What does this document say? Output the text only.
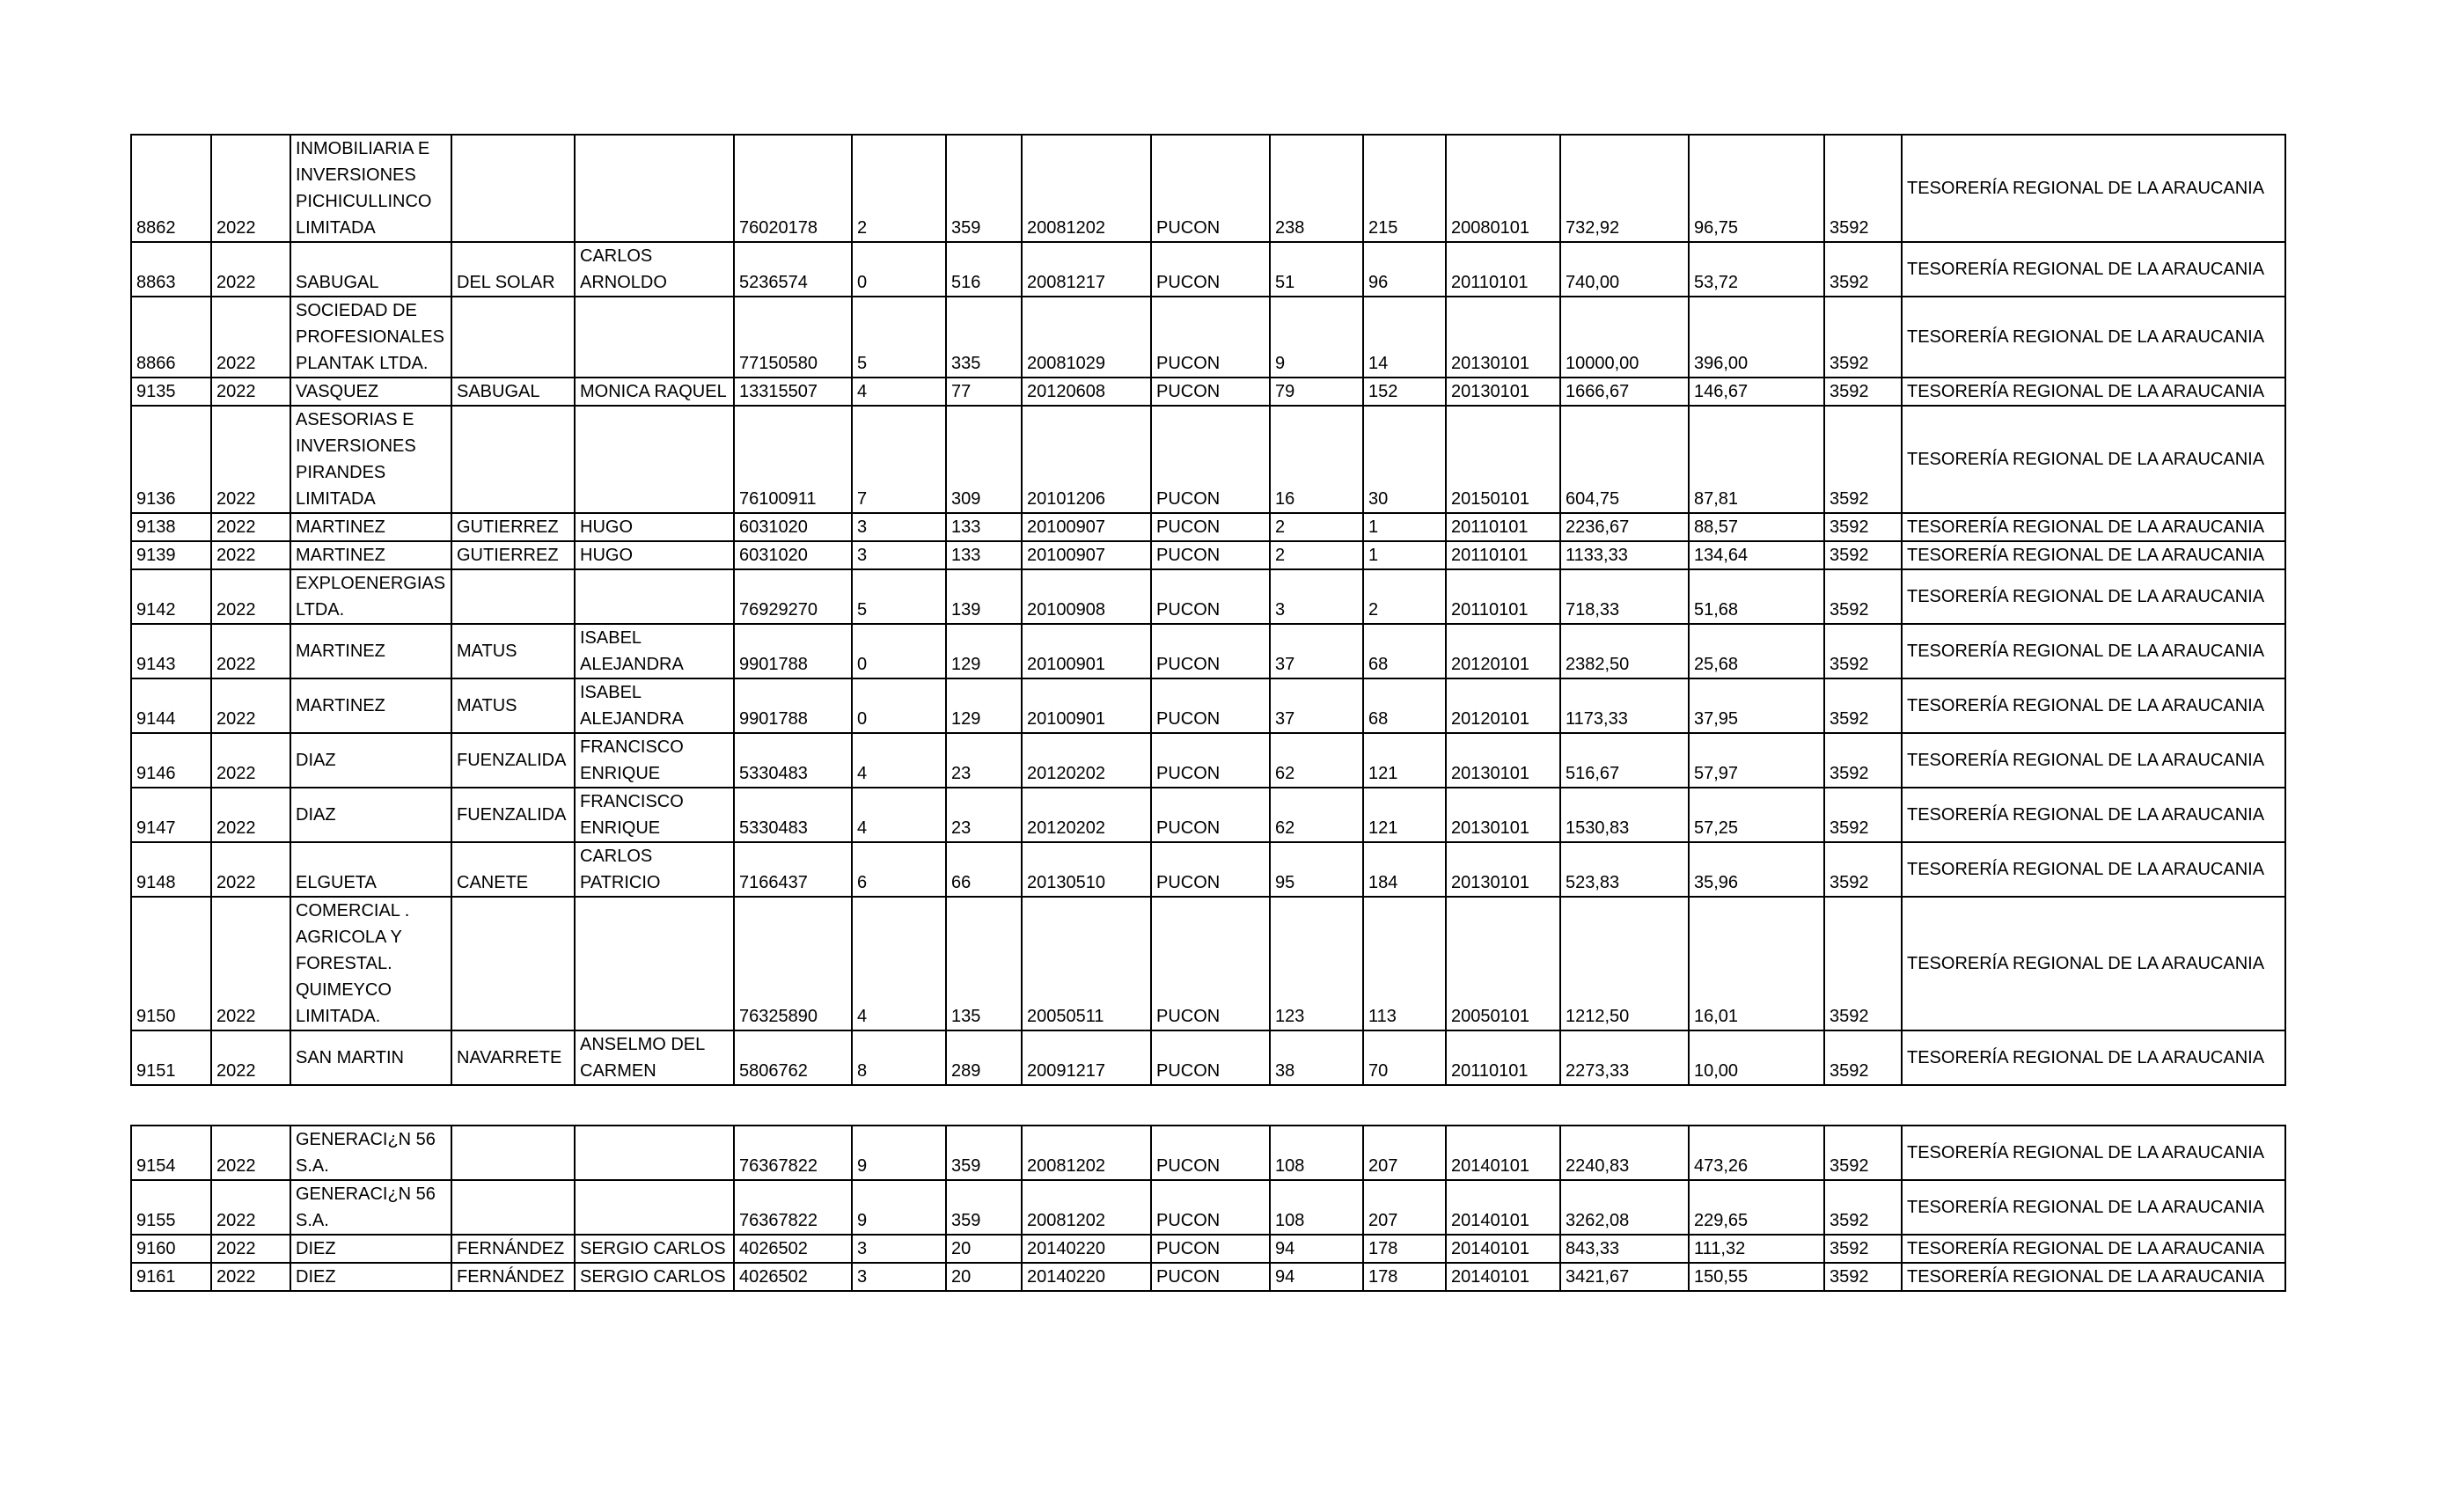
8862	2022	INMOBILIARIA E
INVERSIONES
PICHICULLINCO
LIMITADA			76020178	2	359	20081202	PUCON	238	215	20080101	732,92	96,75	3592	TESORERÍA REGIONAL DE LA ARAUCANIA
8863	2022	SABUGAL	DEL SOLAR	CARLOS ARNOLDO	5236574	0	516	20081217	PUCON	51	96	20110101	740,00	53,72	3592	TESORERÍA REGIONAL DE LA ARAUCANIA
8866	2022	SOCIEDAD DE
PROFESIONALES
PLANTAK LTDA.			77150580	5	335	20081029	PUCON	9	14	20130101	10000,00	396,00	3592	TESORERÍA REGIONAL DE LA ARAUCANIA
9135	2022	VASQUEZ	SABUGAL	MONICA RAQUEL	13315507	4	77	20120608	PUCON	79	152	20130101	1666,67	146,67	3592	TESORERÍA REGIONAL DE LA ARAUCANIA
9136	2022	ASESORIAS E
INVERSIONES
PIRANDES
LIMITADA			76100911	7	309	20101206	PUCON	16	30	20150101	604,75	87,81	3592	TESORERÍA REGIONAL DE LA ARAUCANIA
9138	2022	MARTINEZ	GUTIERREZ	HUGO	6031020	3	133	20100907	PUCON	2	1	20110101	2236,67	88,57	3592	TESORERÍA REGIONAL DE LA ARAUCANIA
9139	2022	MARTINEZ	GUTIERREZ	HUGO	6031020	3	133	20100907	PUCON	2	1	20110101	1133,33	134,64	3592	TESORERÍA REGIONAL DE LA ARAUCANIA
9142	2022	EXPLOENERGIAS
LTDA.			76929270	5	139	20100908	PUCON	3	2	20110101	718,33	51,68	3592	TESORERÍA REGIONAL DE LA ARAUCANIA
9143	2022	MARTINEZ	MATUS	ISABEL
ALEJANDRA	9901788	0	129	20100901	PUCON	37	68	20120101	2382,50	25,68	3592	TESORERÍA REGIONAL DE LA ARAUCANIA
9144	2022	MARTINEZ	MATUS	ISABEL
ALEJANDRA	9901788	0	129	20100901	PUCON	37	68	20120101	1173,33	37,95	3592	TESORERÍA REGIONAL DE LA ARAUCANIA
9146	2022	DIAZ	FUENZALIDA	FRANCISCO
ENRIQUE	5330483	4	23	20120202	PUCON	62	121	20130101	516,67	57,97	3592	TESORERÍA REGIONAL DE LA ARAUCANIA
9147	2022	DIAZ	FUENZALIDA	FRANCISCO
ENRIQUE	5330483	4	23	20120202	PUCON	62	121	20130101	1530,83	57,25	3592	TESORERÍA REGIONAL DE LA ARAUCANIA
9148	2022	ELGUETA	CANETE	CARLOS PATRICIO	7166437	6	66	20130510	PUCON	95	184	20130101	523,83	35,96	3592	TESORERÍA REGIONAL DE LA ARAUCANIA
9150	2022	COMERCIAL .
AGRICOLA Y
FORESTAL.
QUIMEYCO
LIMITADA.			76325890	4	135	20050511	PUCON	123	113	20050101	1212,50	16,01	3592	TESORERÍA REGIONAL DE LA ARAUCANIA
9151	2022	SAN MARTIN	NAVARRETE	ANSELMO DEL
CARMEN	5806762	8	289	20091217	PUCON	38	70	20110101	2273,33	10,00	3592	TESORERÍA REGIONAL DE LA ARAUCANIA
9154	2022	GENERACI¿N 56
S.A.			76367822	9	359	20081202	PUCON	108	207	20140101	2240,83	473,26	3592	TESORERÍA REGIONAL DE LA ARAUCANIA
9155	2022	GENERACI¿N 56
S.A.			76367822	9	359	20081202	PUCON	108	207	20140101	3262,08	229,65	3592	TESORERÍA REGIONAL DE LA ARAUCANIA
9160	2022	DIEZ	FERNÁNDEZ	SERGIO CARLOS	4026502	3	20	20140220	PUCON	94	178	20140101	843,33	111,32	3592	TESORERÍA REGIONAL DE LA ARAUCANIA
9161	2022	DIEZ	FERNÁNDEZ	SERGIO CARLOS	4026502	3	20	20140220	PUCON	94	178	20140101	3421,67	150,55	3592	TESORERÍA REGIONAL DE LA ARAUCANIA
